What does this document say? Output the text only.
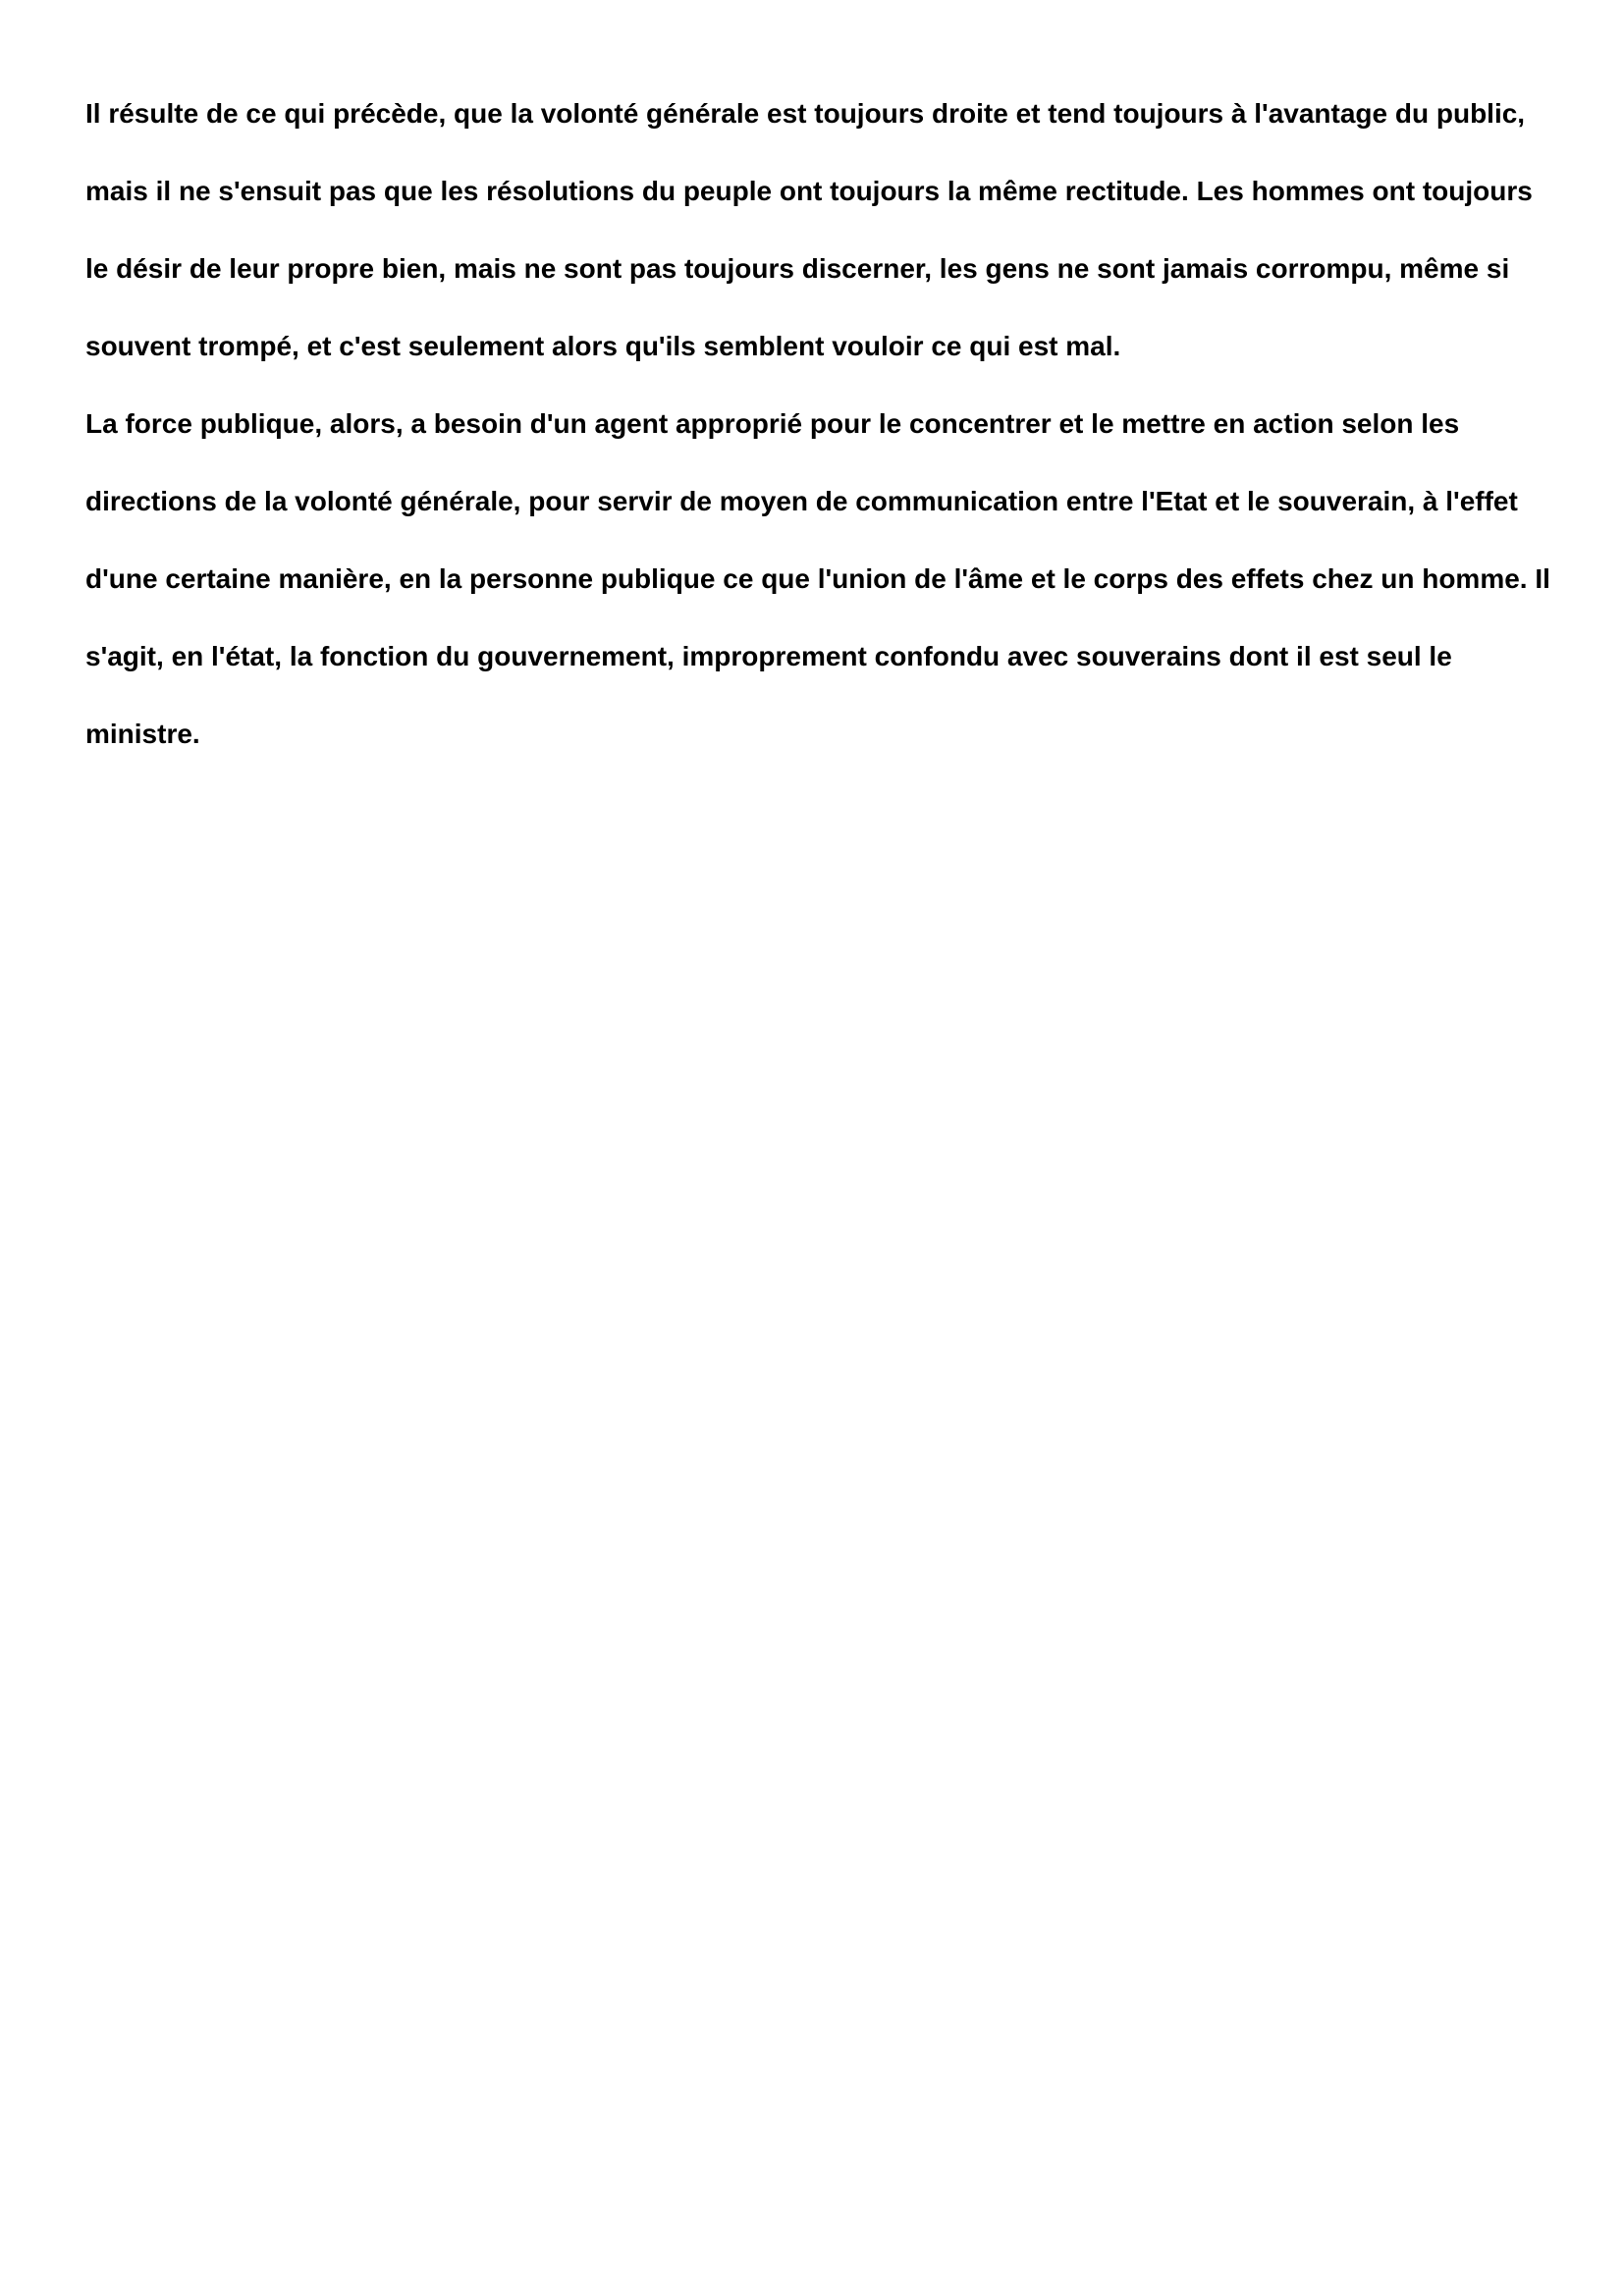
Il résulte de ce qui précède, que la volonté générale est toujours droite et tend toujours à l'avantage du public,
mais il ne s'ensuit pas que les résolutions du peuple ont toujours la même rectitude. Les hommes ont toujours
le désir de leur propre bien, mais ne sont pas toujours discerner, les gens ne sont jamais corrompu, même si
souvent trompé, et c'est seulement alors qu'ils semblent vouloir ce qui est mal.
La force publique, alors, a besoin d'un agent approprié pour le concentrer et le mettre en action selon les
directions de la volonté générale, pour servir de moyen de communication entre l'Etat et le souverain, à l'effet
d'une certaine manière, en la personne publique ce que l'union de l'âme et le corps des effets chez un homme. Il
s'agit, en l'état, la fonction du gouvernement, improprement confondu avec souverains dont il est seul le
ministre.
